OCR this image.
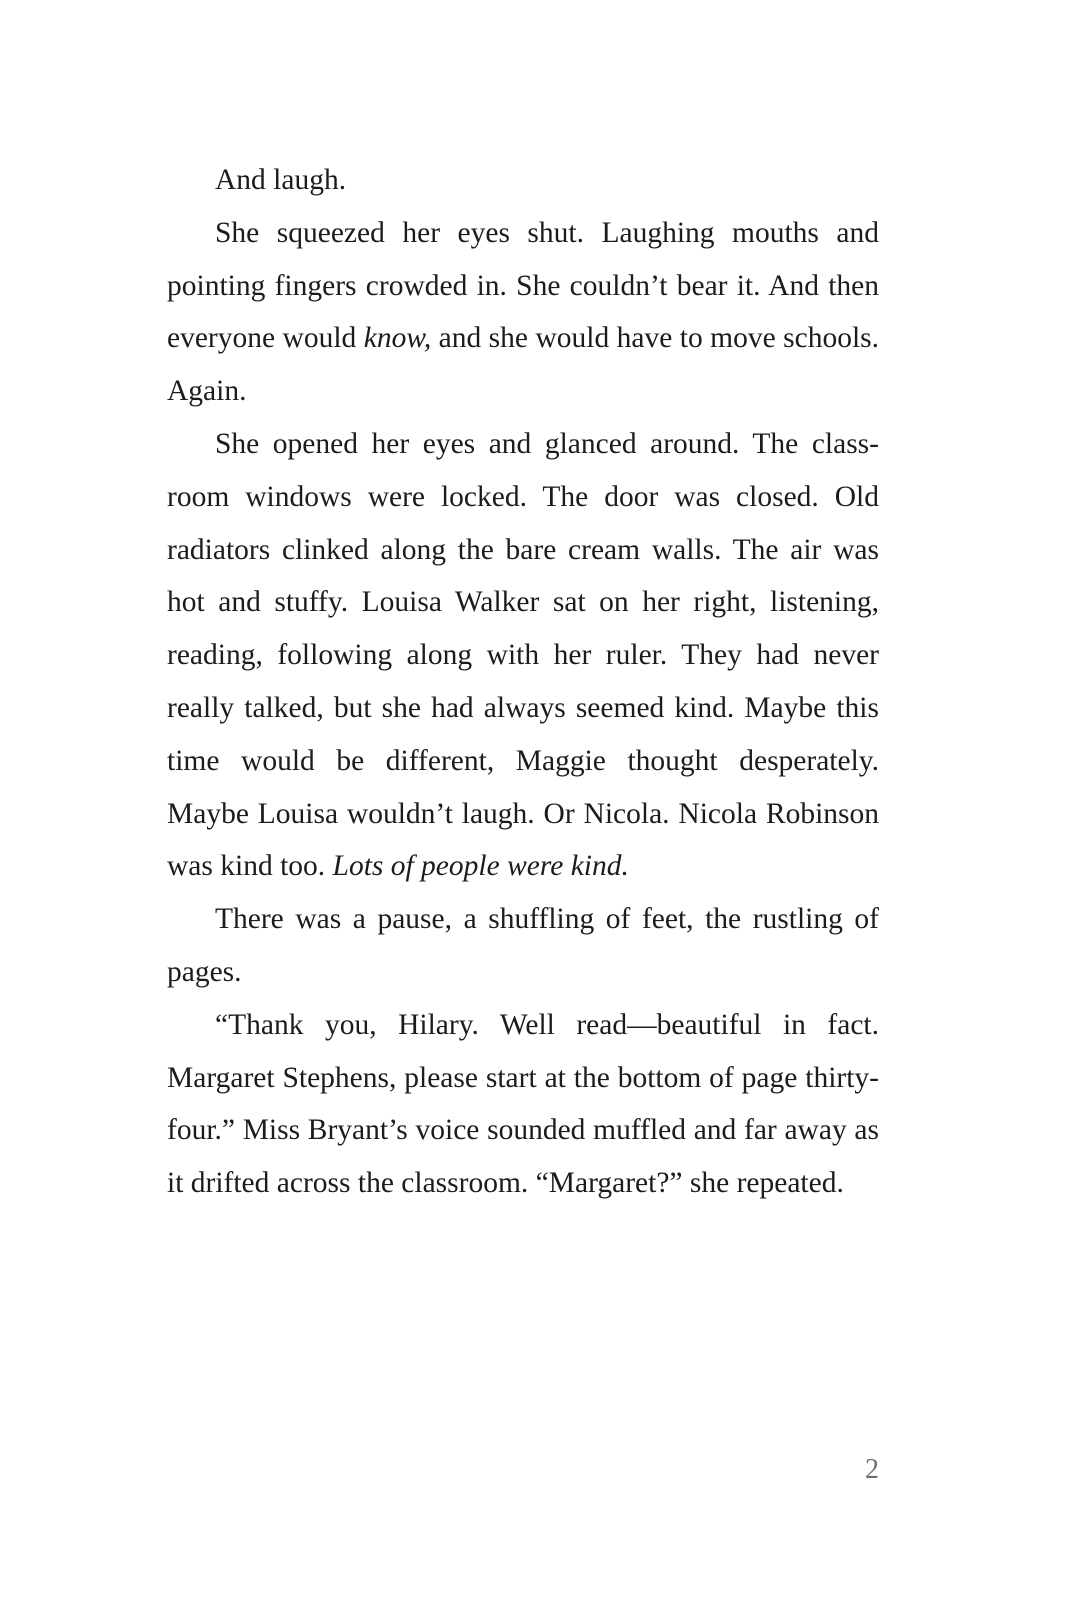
And laugh.

She squeezed her eyes shut. Laughing mouths and pointing fingers crowded in. She couldn’t bear it. And then

everyone would know, and she would have to move schools. Again.

She opened her eyes and glanced around. The class-room windows were locked. The door was closed. Old radiators clinked along the bare cream walls. The air was hot and stuffy. Louisa Walker sat on her right, listening, reading, following along with her ruler. They had never really talked, but she had always seemed kind. Maybe this time would be different, Maggie thought desperately. Maybe Louisa wouldn’t laugh. Or Nicola. Nicola Robinson was kind too. Lots of people were kind.

There was a pause, a shuffling of feet, the rustling of pages.

“Thank you, Hilary. Well read—beautiful in fact. Margaret Stephens, please start at the bottom of page thirty-four.” Miss Bryant’s voice sounded muffled and far away as it drifted across the classroom. “Margaret?” she repeated.

2
